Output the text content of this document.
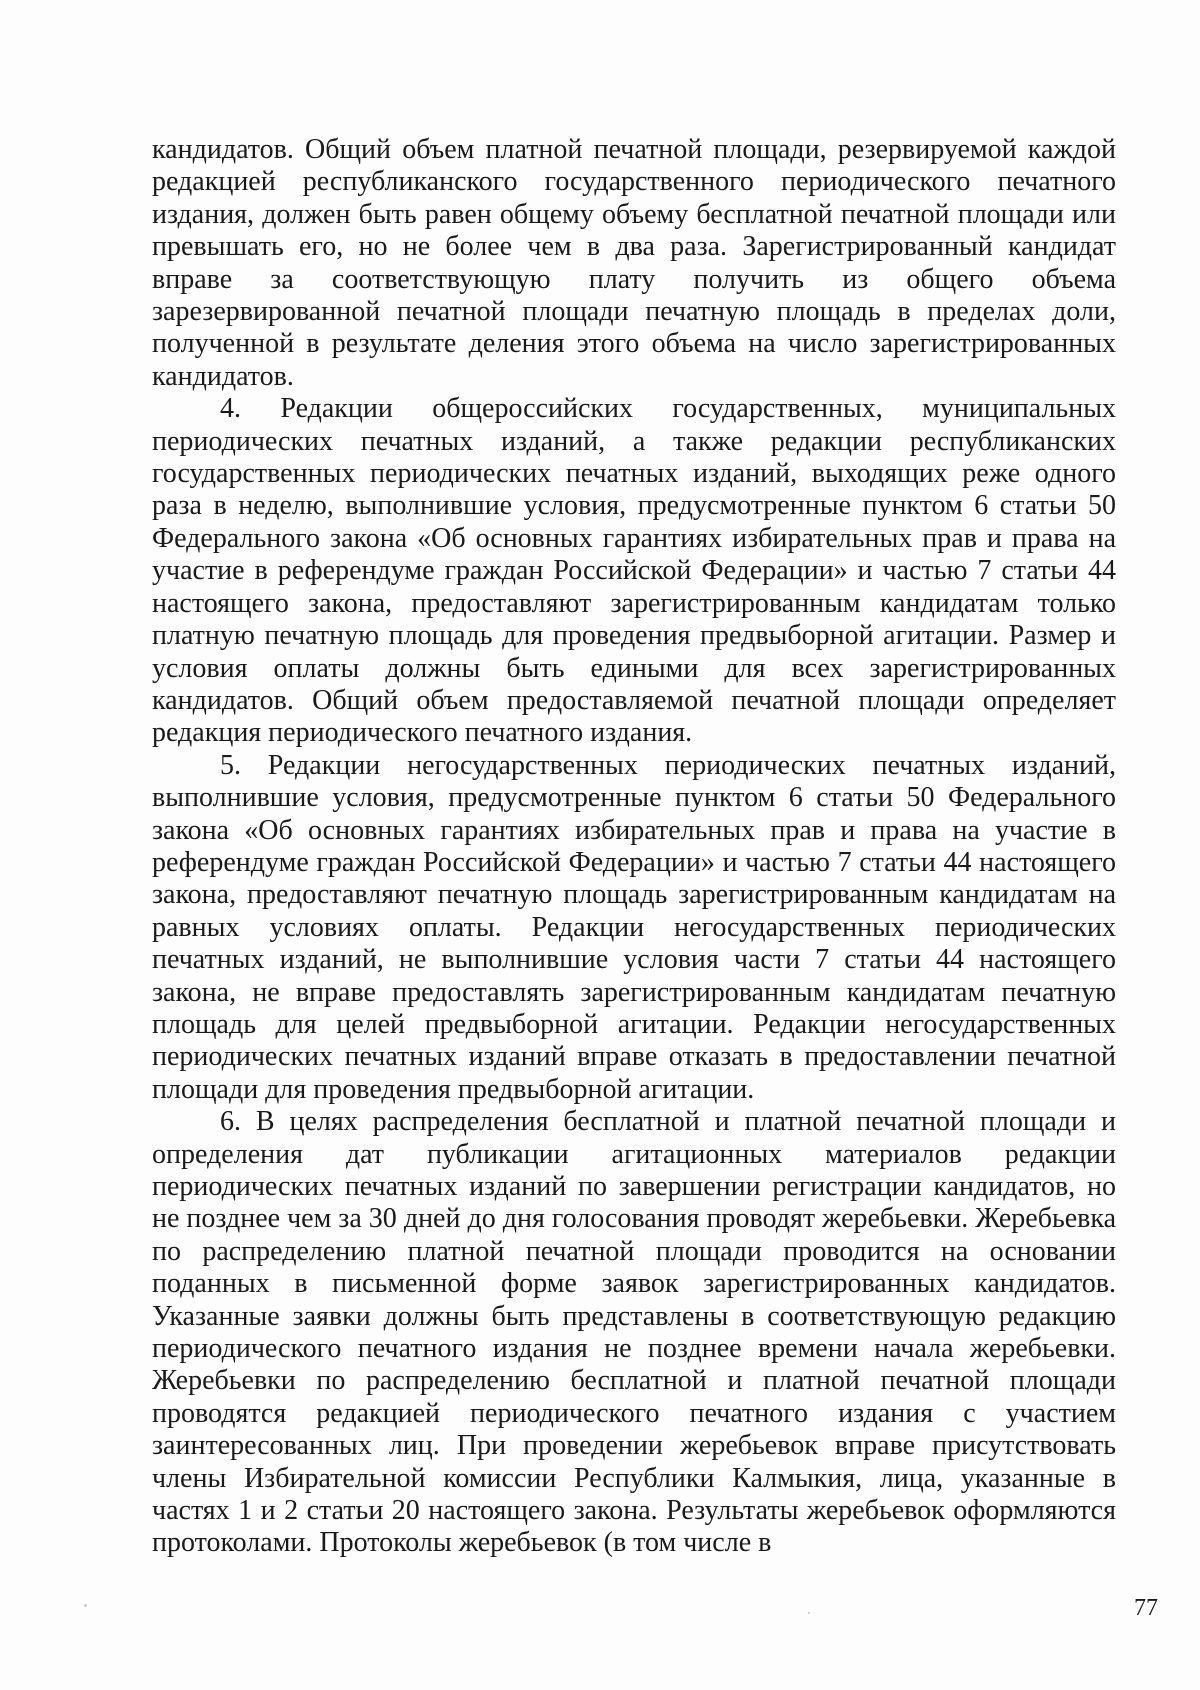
кандидатов. Общий объем платной печатной площади, резервируемой каждой редакцией республиканского государственного периодического печатного издания, должен быть равен общему объему бесплатной печатной площади или превышать его, но не более чем в два раза. Зарегистрированный кандидат вправе за соответствующую плату получить из общего объема зарезервированной печатной площади печатную площадь в пределах доли, полученной в результате деления этого объема на число зарегистрированных кандидатов.

4. Редакции общероссийских государственных, муниципальных периодических печатных изданий, а также редакции республиканских государственных периодических печатных изданий, выходящих реже одного раза в неделю, выполнившие условия, предусмотренные пунктом 6 статьи 50 Федерального закона «Об основных гарантиях избирательных прав и права на участие в референдуме граждан Российской Федерации» и частью 7 статьи 44 настоящего закона, предоставляют зарегистрированным кандидатам только платную печатную площадь для проведения предвыборной агитации. Размер и условия оплаты должны быть едиными для всех зарегистрированных кандидатов. Общий объем предоставляемой печатной площади определяет редакция периодического печатного издания.

5. Редакции негосударственных периодических печатных изданий, выполнившие условия, предусмотренные пунктом 6 статьи 50 Федерального закона «Об основных гарантиях избирательных прав и права на участие в референдуме граждан Российской Федерации» и частью 7 статьи 44 настоящего закона, предоставляют печатную площадь зарегистрированным кандидатам на равных условиях оплаты. Редакции негосударственных периодических печатных изданий, не выполнившие условия части 7 статьи 44 настоящего закона, не вправе предоставлять зарегистрированным кандидатам печатную площадь для целей предвыборной агитации. Редакции негосударственных периодических печатных изданий вправе отказать в предоставлении печатной площади для проведения предвыборной агитации.

6. В целях распределения бесплатной и платной печатной площади и определения дат публикации агитационных материалов редакции периодических печатных изданий по завершении регистрации кандидатов, но не позднее чем за 30 дней до дня голосования проводят жеребьевки. Жеребьевка по распределению платной печатной площади проводится на основании поданных в письменной форме заявок зарегистрированных кандидатов. Указанные заявки должны быть представлены в соответствующую редакцию периодического печатного издания не позднее времени начала жеребьевки. Жеребьевки по распределению бесплатной и платной печатной площади проводятся редакцией периодического печатного издания с участием заинтересованных лиц. При проведении жеребьевок вправе присутствовать члены Избирательной комиссии Республики Калмыкия, лица, указанные в частях 1 и 2 статьи 20 настоящего закона. Результаты жеребьевок оформляются протоколами. Протоколы жеребьевок (в том числе в

77
